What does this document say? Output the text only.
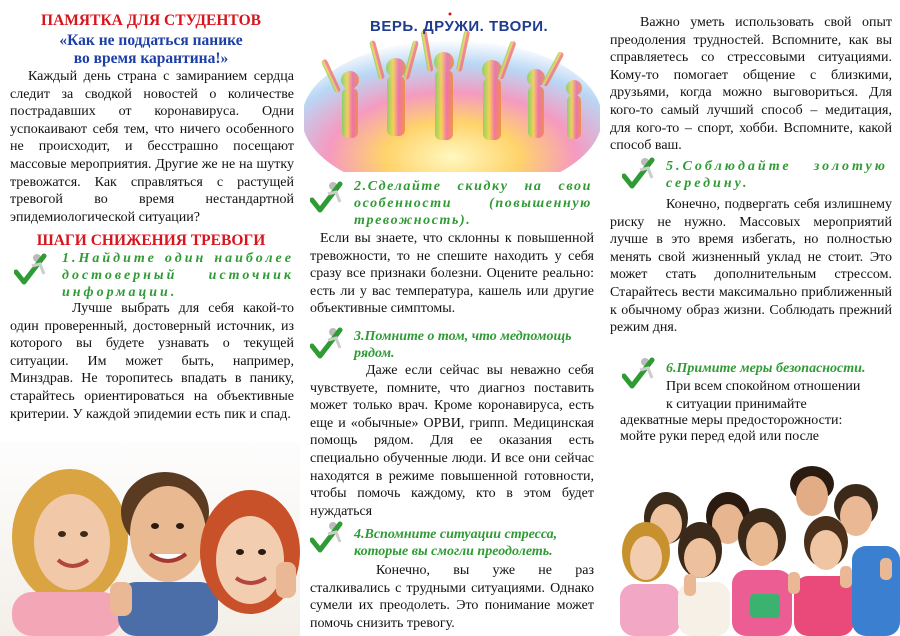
ПАМЯТКА ДЛЯ СТУДЕНТОВ

«Как не поддаться панике

во время карантина!»

Каждый день страна с замиранием сердца следит за сводкой новостей о количестве пострадавших от коронавируса. Одни успокаивают себя тем, что ничего особенного не происходит, и бесстрашно посещают массовые мероприятия. Другие же не на шутку тревожатся. Как справляться с растущей тревогой во время нестандартной эпидемиологической ситуации?

ШАГИ СНИЖЕНИЯ ТРЕВОГИ

1.Найдите один наиболее достоверный источник информации.

Лучше выбрать для себя какой-то один проверенный, достоверный источник, из которого вы будете узнавать о текущей ситуации. Им может быть, например, Минздрав. Не торопитесь впадать в панику, старайтесь ориентироваться на объективные критерии. У каждой эпидемии есть пик и спад.

ВЕРЬ. ДРУЖИ. ТВОРИ.

2.Сделайте скидку на свои особенности (повышенную тревожность).

Если вы знаете, что склонны к повышенной тревожности, то не спешите находить у себя сразу все признаки болезни. Оцените реально: есть ли у вас температура, кашель или другие объективные симптомы.

3.Помните о том, что медпомощь рядом.

Даже если сейчас вы неважно себя чувствуете, помните, что диагноз поставить может только врач. Кроме коронавируса, есть еще и «обычные» ОРВИ, грипп. Медицинская помощь рядом. Для ее оказания есть специально обученные люди. И все они сейчас находятся в режиме повышенной готовности, чтобы помочь каждому, кто в этом будет нуждаться

4.Вспомните ситуации стресса, которые вы смогли преодолеть.

Конечно, вы уже не раз сталкивались с трудными ситуациями. Однако сумели их преодолеть. Это понимание может помочь снизить тревогу.

Важно уметь использовать свой опыт преодоления трудностей. Вспомните, как вы справляетесь со стрессовыми ситуациями. Кому-то помогает общение с близкими, друзьями, когда можно выговориться. Для кого-то самый лучший способ – медитация, для кого-то – спорт, хобби. Вспомните, какой способ ваш.

5.Соблюдайте золотую середину.

Конечно, подвергать себя излишнему риску не нужно. Массовых мероприятий лучше в это время избегать, но полностью менять свой жизненный уклад не стоит. Это может стать дополнительным стрессом. Старайтесь вести максимально приближенный к обычному образ жизни. Соблюдать прежний режим дня.

6.Примите меры безопасности.

При всем спокойном отношении

к ситуации принимайте

адекватные меры предосторожности:

мойте руки перед едой или после
